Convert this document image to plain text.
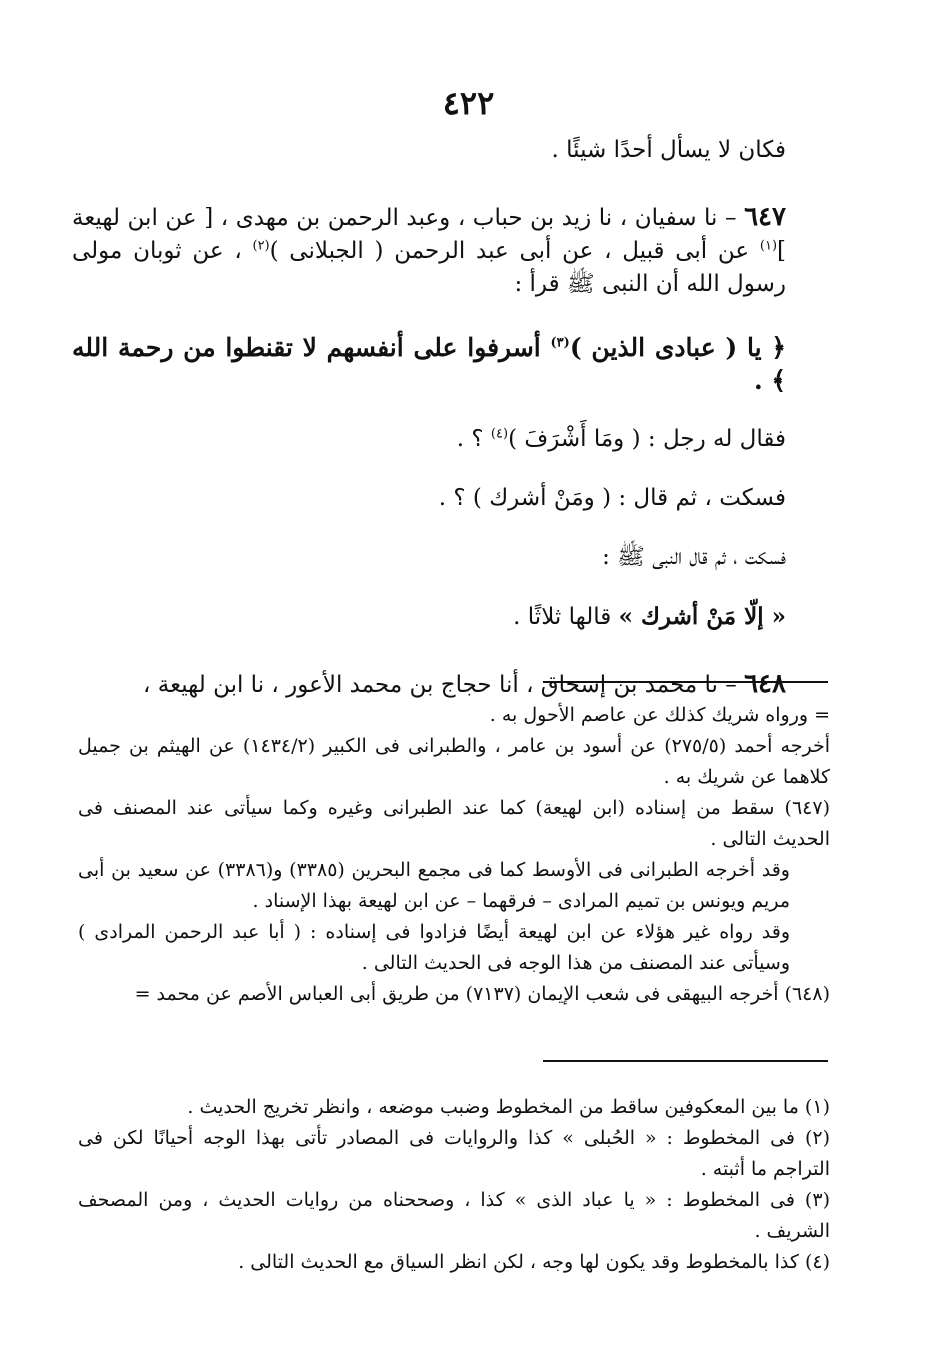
٤٢٢

فكان لا يسأل أحدًا شيئًا .

٦٤٧ – نا سفيان ، نا زيد بن حباب ، وعبد الرحمن بن مهدى ، [ عن ابن لهيعة ]$^{(١)}$ عن أبى قبيل ، عن أبى عبد الرحمن ( الجبلانى )$^{(٢)}$ ، عن ثوبان مولى رسول الله أن النبى ﷺ قرأ :

﴿ يا ( عبادى الذين )$^{(٣)}$ أسرفوا على أنفسهم لا تقنطوا من رحمة الله ﴾ .

فقال له رجل : ( ومَا أَشْرَفَ )$^{(٤)}$ ؟ .

فسكت ، ثم قال : ( ومَنْ أشرك ) ؟ .

فسكت ، ثم قال النبى ﷺ :

« إلّا مَنْ أشرك » قالها ثلاثًا .

٦٤٨ – نا محمد بن إسحاق ، أنا حجاج بن محمد الأعور ، نا ابن لهيعة ،

= ورواه شريك كذلك عن عاصم الأحول به .

أخرجه أحمد (٢٧٥/٥) عن أسود بن عامر ، والطبرانى فى الكبير (١٤٣٤/٢) عن الهيثم بن جميل كلاهما عن شريك به .

(٦٤٧) سقط من إسناده (ابن لهيعة) كما عند الطبرانى وغيره وكما سيأتى عند المصنف فى الحديث التالى .

وقد أخرجه الطبرانى فى الأوسط كما فى مجمع البحرين (٣٣٨٥) و(٣٣٨٦) عن سعيد بن أبى مريم ويونس بن تميم المرادى – فرقهما – عن ابن لهيعة بهذا الإسناد .

وقد رواه غير هؤلاء عن ابن لهيعة أيضًا فزادوا فى إسناده : ( أبا عبد الرحمن المرادى ) وسيأتى عند المصنف من هذا الوجه فى الحديث التالى .

(٦٤٨) أخرجه البيهقى فى شعب الإيمان (٧١٣٧) من طريق أبى العباس الأصم عن محمد =

(١) ما بين المعكوفين ساقط من المخطوط وضبب موضعه ، وانظر تخريج الحديث .

(٢) فى المخطوط : « الحُبلى » كذا والروايات فى المصادر تأتى بهذا الوجه أحيانًا لكن فى التراجم ما أثبته .

(٣) فى المخطوط : « يا عباد الذى » كذا ، وصححناه من روايات الحديث ، ومن المصحف الشريف .

(٤) كذا بالمخطوط وقد يكون لها وجه ، لكن انظر السياق مع الحديث التالى .
